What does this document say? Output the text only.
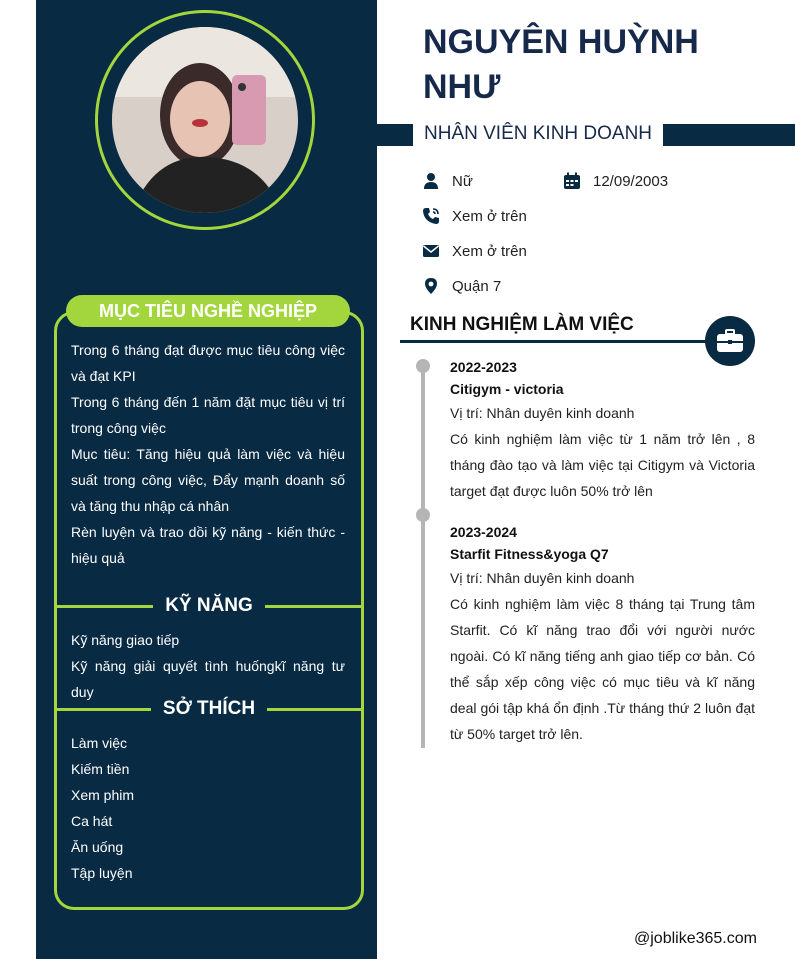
MỤC TIÊU NGHỀ NGHIỆP

Trong 6 tháng đạt được mục tiêu công việc và đạt KPI

Trong 6 tháng đến 1 năm đặt mục tiêu vị trí trong công việc

Mục tiêu: Tăng hiệu quả làm việc và hiệu suất trong công việc, Đẩy mạnh doanh số và tăng thu nhập cá nhân

Rèn luyện và trao dồi kỹ năng - kiến thức - hiệu quả

KỸ NĂNG

Kỹ năng giao tiếp

Kỹ năng giải quyết tình huốngkĩ năng tư duy

SỞ THÍCH

Làm việc

Kiếm tiền

Xem phim

Ca hát

Ăn uống

Tập luyện

NGUYÊN HUỲNH NHƯ
NHÂN VIÊN KINH DOANH
Nữ	12/09/2003
Xem ở trên
Xem ở trên
Quận 7
KINH NGHIỆM LÀM VIỆC
2022-2023
Citigym - victoria
Vị trí: Nhân duyên kinh doanh
Có kinh nghiệm làm việc từ 1 năm trở lên , 8 tháng đào tạo và làm việc tại Citigym và Victoria target đạt được luôn 50% trở lên
2023-2024
Starfit Fitness&yoga Q7
Vị trí: Nhân duyên kinh doanh
Có kinh nghiệm làm việc 8 tháng tại Trung tâm Starfit. Có kĩ năng trao đổi với người nước ngoài. Có kĩ năng tiếng anh giao tiếp cơ bản. Có thể sắp xếp công việc có mục tiêu và kĩ năng deal gói tập khá ổn định .Từ tháng thứ 2 luôn đạt từ 50% target trở lên.
@joblike365.com
